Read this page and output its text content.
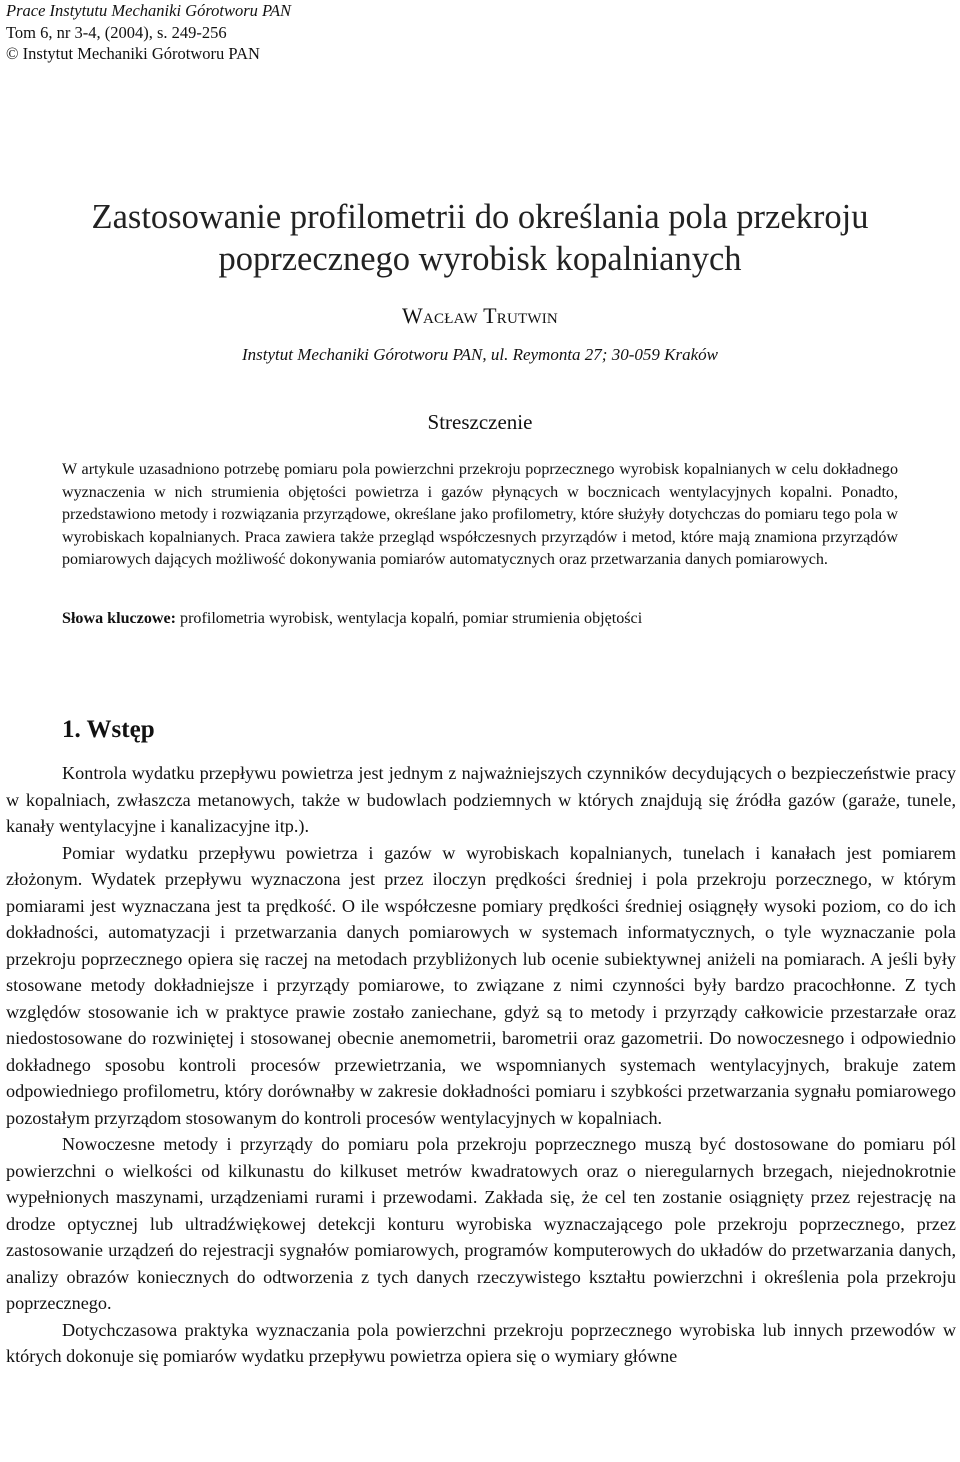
Prace Instytutu Mechaniki Górotworu PAN
Tom 6, nr 3-4, (2004), s. 249-256
© Instytut Mechaniki Górotworu PAN
Zastosowanie profilometrii do określania pola przekroju
poprzecznego wyrobisk kopalnianych
Wacław Trutwin
Instytut Mechaniki Górotworu PAN, ul. Reymonta 27; 30-059 Kraków
Streszczenie

W artykule uzasadniono potrzebę pomiaru pola powierzchni przekroju poprzecznego wyrobisk kopalnianych w celu dokładnego wyznaczenia w nich strumienia objętości powietrza i gazów płynących w bocznicach wentylacyjnych kopalni. Ponadto, przedstawiono metody i rozwiązania przyrządowe, określane jako profilometry, które służyły dotychczas do pomiaru tego pola w wyrobiskach kopalnianych. Praca zawiera także przegląd współczesnych przyrządów i metod, które mają znamiona przyrządów pomiarowych dających możliwość dokonywania pomiarów automatycznych oraz przetwarzania danych pomiarowych.

Słowa kluczowe: profilometria wyrobisk, wentylacja kopalń, pomiar strumienia objętości

1. Wstęp

Kontrola wydatku przepływu powietrza jest jednym z najważniejszych czynników decydujących o bezpieczeństwie pracy w kopalniach, zwłaszcza metanowych, także w budowlach podziemnych w których znajdują się źródła gazów (garaże, tunele, kanały wentylacyjne i kanalizacyjne itp.).

Pomiar wydatku przepływu powietrza i gazów w wyrobiskach kopalnianych, tunelach i kanałach jest pomiarem złożonym. Wydatek przepływu wyznaczona jest przez iloczyn prędkości średniej i pola przekroju porzecznego, w którym pomiarami jest wyznaczana jest ta prędkość. O ile współczesne pomiary prędkości średniej osiągnęły wysoki poziom, co do ich dokładności, automatyzacji i przetwarzania danych pomiarowych w systemach informatycznych, o tyle wyznaczanie pola przekroju poprzecznego opiera się raczej na metodach przybliżonych lub ocenie subiektywnej aniżeli na pomiarach. A jeśli były stosowane metody dokładniejsze i przyrządy pomiarowe, to związane z nimi czynności były bardzo pracochłonne. Z tych względów stosowanie ich w praktyce prawie zostało zaniechane, gdyż są to metody i przyrządy całkowicie przestarzałe oraz niedostosowane do rozwiniętej i stosowanej obecnie anemometrii, barometrii oraz gazometrii. Do nowoczesnego i odpowiednio dokładnego sposobu kontroli procesów przewietrzania, we wspomnianych systemach wentylacyjnych, brakuje zatem odpowiedniego profilometru, który dorównałby w zakresie dokładności pomiaru i szybkości przetwarzania sygnału pomiarowego pozostałym przyrządom stosowanym do kontroli procesów wentylacyjnych w kopalniach.

Nowoczesne metody i przyrządy do pomiaru pola przekroju poprzecznego muszą być dostosowane do pomiaru pól powierzchni o wielkości od kilkunastu do kilkuset metrów kwadratowych oraz o nieregularnych brzegach, niejednokrotnie wypełnionych maszynami, urządzeniami rurami i przewodami. Zakłada się, że cel ten zostanie osiągnięty przez rejestrację na drodze optycznej lub ultradźwiękowej detekcji konturu wyrobiska wyznaczającego pole przekroju poprzecznego, przez zastosowanie urządzeń do rejestracji sygnałów pomiarowych, programów komputerowych do układów do przetwarzania danych, analizy obrazów koniecznych do odtworzenia z tych danych rzeczywistego kształtu powierzchni i określenia pola przekroju poprzecznego.

Dotychczasowa praktyka wyznaczania pola powierzchni przekroju poprzecznego wyrobiska lub innych przewodów w których dokonuje się pomiarów wydatku przepływu powietrza opiera się o wymiary główne
